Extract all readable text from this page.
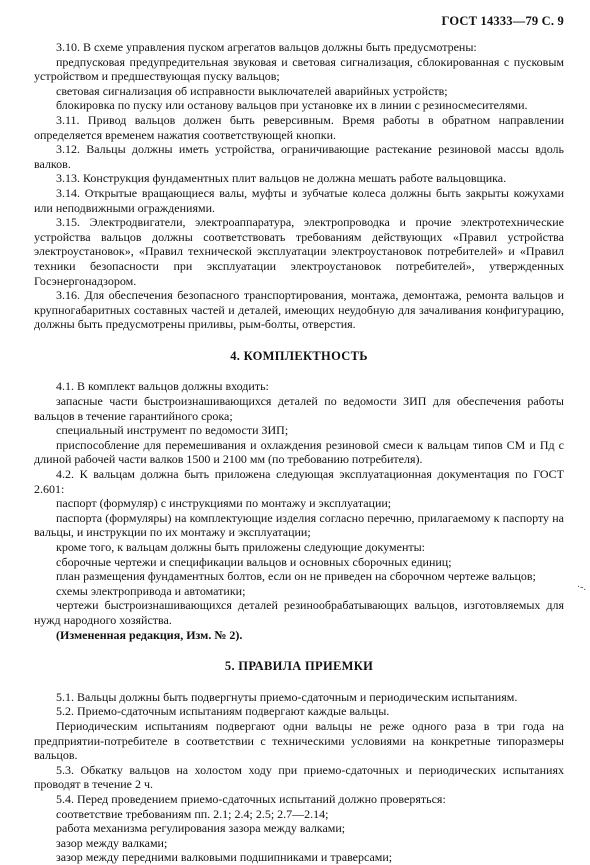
ГОСТ 14333—79 С. 9

3.10. В схеме управления пуском агрегатов вальцов должны быть предусмотрены:

предпусковая предупредительная звуковая и световая сигнализация, сблокированная с пусковым устройством и предшествующая пуску вальцов;

световая сигнализация об исправности выключателей аварийных устройств;

блокировка по пуску или останову вальцов при установке их в линии с резиносмесителями.

3.11. Привод вальцов должен быть реверсивным. Время работы в обратном направлении определяется временем нажатия соответствующей кнопки.

3.12. Вальцы должны иметь устройства, ограничивающие растекание резиновой массы вдоль валков.

3.13. Конструкция фундаментных плит вальцов не должна мешать работе вальцовщика.

3.14. Открытые вращающиеся валы, муфты и зубчатые колеса должны быть закрыты кожухами или неподвижными ограждениями.

3.15. Электродвигатели, электроаппаратура, электропроводка и прочие электротехнические устройства вальцов должны соответствовать требованиям действующих «Правил устройства электроустановок», «Правил технической эксплуатации электроустановок потребителей» и «Правил техники безопасности при эксплуатации электроустановок потребителей», утвержденных Госэнергонадзором.

3.16. Для обеспечения безопасного транспортирования, монтажа, демонтажа, ремонта вальцов и крупногабаритных составных частей и деталей, имеющих неудобную для зачаливания конфигурацию, должны быть предусмотрены приливы, рым-болты, отверстия.

4. КОМПЛЕКТНОСТЬ

4.1. В комплект вальцов должны входить:

запасные части быстроизнашивающихся деталей по ведомости ЗИП для обеспечения работы вальцов в течение гарантийного срока;

специальный инструмент по ведомости ЗИП;

приспособление для перемешивания и охлаждения резиновой смеси к вальцам типов СМ и Пд с длиной рабочей части валков 1500 и 2100 мм (по требованию потребителя).

4.2. К вальцам должна быть приложена следующая эксплуатационная документация по ГОСТ 2.601:

паспорт (формуляр) с инструкциями по монтажу и эксплуатации;

паспорта (формуляры) на комплектующие изделия согласно перечню, прилагаемому к паспорту на вальцы, и инструкции по их монтажу и эксплуатации;

кроме того, к вальцам должны быть приложены следующие документы:

сборочные чертежи и спецификации вальцов и основных сборочных единиц;

план размещения фундаментных болтов, если он не приведен на сборочном чертеже вальцов;

схемы электропривода и автоматики;

чертежи быстроизнашивающихся деталей резинообрабатывающих вальцов, изготовляемых для нужд народного хозяйства.

(Измененная редакция, Изм. № 2).

5. ПРАВИЛА ПРИЕМКИ

5.1. Вальцы должны быть подвергнуты приемо-сдаточным и периодическим испытаниям.

5.2. Приемо-сдаточным испытаниям подвергают каждые вальцы.

Периодическим испытаниям подвергают одни вальцы не реже одного раза в три года на предприятии-потребителе в соответствии с техническими условиями на конкретные типоразмеры вальцов.

5.3. Обкатку вальцов на холостом ходу при приемо-сдаточных и периодических испытаниях проводят в течение 2 ч.

5.4. Перед проведением приемо-сдаточных испытаний должно проверяться:

соответствие требованиям пп. 2.1; 2.4; 2.5; 2.7—2.14;

работа механизма регулирования зазора между валками;

зазор между валками;

зазор между передними валковыми подшипниками и траверсами;

·-.
